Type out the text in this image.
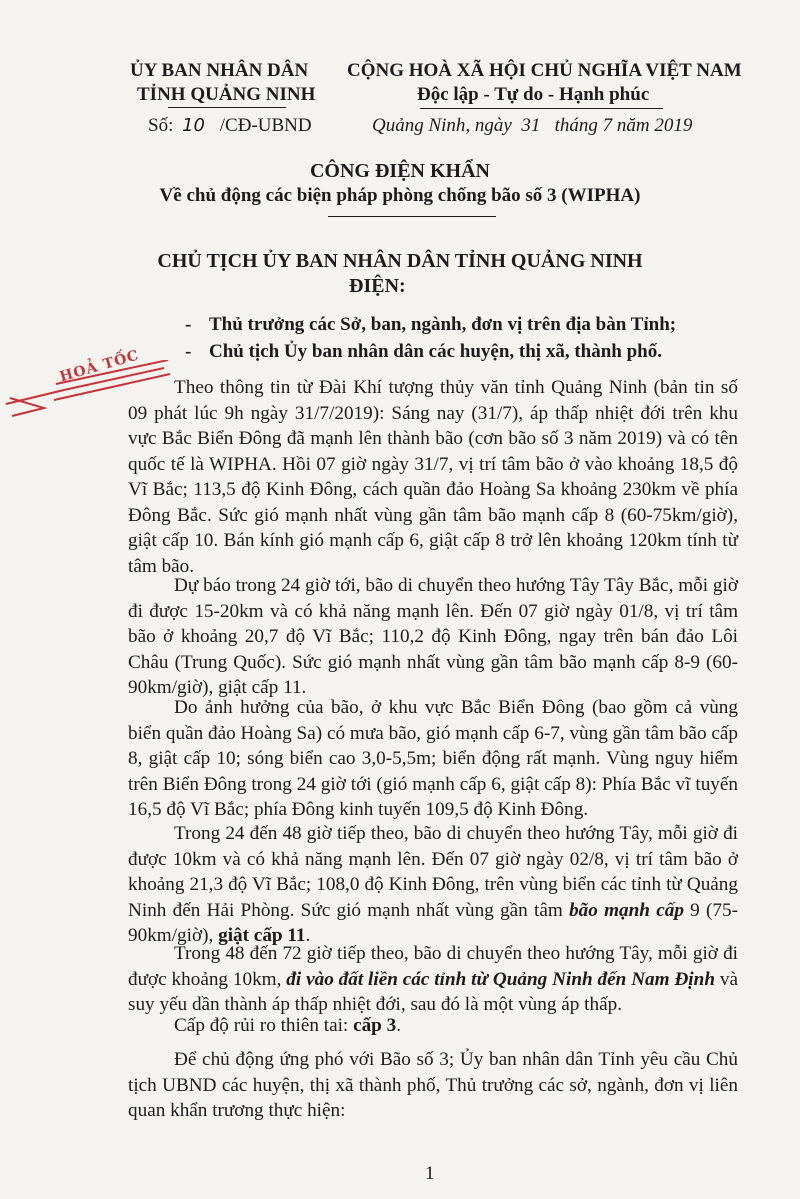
ỦY BAN NHÂN DÂN
TỈNH QUẢNG NINH
CỘNG HOÀ XÃ HỘI CHỦ NGHĨA VIỆT NAM
Độc lập - Tự do - Hạnh phúc
Số: 10 /CĐ-UBND	Quảng Ninh, ngày  31   tháng 7 năm 2019
CÔNG ĐIỆN KHẨN
Về chủ động các biện pháp phòng chống bão số 3 (WIPHA)
CHỦ TỊCH ỦY BAN NHÂN DÂN TỈNH QUẢNG NINH
ĐIỆN:
- Thủ trưởng các Sở, ban, ngành, đơn vị trên địa bàn Tỉnh;
- Chủ tịch Ủy ban nhân dân các huyện, thị xã, thành phố.
HOẢ TỐC
Theo thông tin từ Đài Khí tượng thủy văn tỉnh Quảng Ninh (bản tin số 09 phát lúc 9h ngày 31/7/2019): Sáng nay (31/7), áp thấp nhiệt đới trên khu vực Bắc Biển Đông đã mạnh lên thành bão (cơn bão số 3 năm 2019) và có tên quốc tế là WIPHA. Hồi 07 giờ ngày 31/7, vị trí tâm bão ở vào khoảng 18,5 độ Vĩ Bắc; 113,5 độ Kinh Đông, cách quần đảo Hoàng Sa khoảng 230km về phía Đông Bắc. Sức gió mạnh nhất vùng gần tâm bão mạnh cấp 8 (60-75km/giờ), giật cấp 10. Bán kính gió mạnh cấp 6, giật cấp 8 trở lên khoảng 120km tính từ tâm bão.
Dự báo trong 24 giờ tới, bão di chuyển theo hướng Tây Tây Bắc, mỗi giờ đi được 15-20km và có khả năng mạnh lên. Đến 07 giờ ngày 01/8, vị trí tâm bão ở khoảng 20,7 độ Vĩ Bắc; 110,2 độ Kinh Đông, ngay trên bán đảo Lôi Châu (Trung Quốc). Sức gió mạnh nhất vùng gần tâm bão mạnh cấp 8-9 (60-90km/giờ), giật cấp 11.
Do ảnh hưởng của bão, ở khu vực Bắc Biển Đông (bao gồm cả vùng biển quần đảo Hoàng Sa) có mưa bão, gió mạnh cấp 6-7, vùng gần tâm bão cấp 8, giật cấp 10; sóng biển cao 3,0-5,5m; biển động rất mạnh. Vùng nguy hiểm trên Biển Đông trong 24 giờ tới (gió mạnh cấp 6, giật cấp 8): Phía Bắc vĩ tuyến 16,5 độ Vĩ Bắc; phía Đông kinh tuyến 109,5 độ Kinh Đông.
Trong 24 đến 48 giờ tiếp theo, bão di chuyển theo hướng Tây, mỗi giờ đi được 10km và có khả năng mạnh lên. Đến 07 giờ ngày 02/8, vị trí tâm bão ở khoảng 21,3 độ Vĩ Bắc; 108,0 độ Kinh Đông, trên vùng biển các tỉnh từ Quảng Ninh đến Hải Phòng. Sức gió mạnh nhất vùng gần tâm bão mạnh cấp 9 (75-90km/giờ), giật cấp 11.
Trong 48 đến 72 giờ tiếp theo, bão di chuyển theo hướng Tây, mỗi giờ đi được khoảng 10km, đi vào đất liền các tỉnh từ Quảng Ninh đến Nam Định và suy yếu dần thành áp thấp nhiệt đới, sau đó là một vùng áp thấp.
Cấp độ rủi ro thiên tai: cấp 3.
Để chủ động ứng phó với Bão số 3; Ủy ban nhân dân Tỉnh yêu cầu Chủ tịch UBND các huyện, thị xã thành phố, Thủ trưởng các sở, ngành, đơn vị liên quan khẩn trương thực hiện:
1
